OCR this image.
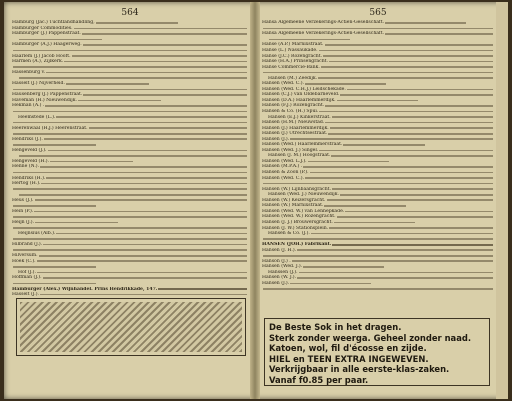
564
Hamburg (Jac.) Tuchtlandhandling,
Hamburger Commodities.
Hamburger (J.) Pappenstraat.
Hamburger (A.J.) Haagerweg.
Haarlem (J.) Jacob Hooft.
Harmen (A.), Zijlkerk.
Hassenburg v.
Hasselt (J.) Nijverheid.
Hausenberg (J.) Pappenstraat.
Haveman (H.) Nieuwendijk.
Hekman (A.) .
Heemstede (L.).
Heerenwaal (H.J.) Heerenstraat.
Hendriks (J.).
Hengeveld (J.).
Hengeveld (H.).
Henne (N.).
Hendriks (H.).
Hertog (H.).
Heus (J.).
Hein (P.).
Heijn (J.).
Heijnsius (Alb.).
Hilbrand (J.).
Hilversum.
Hoek (C.).
Hof (J.).
Hoffman (J.).
Hamburger (Alex.) Wijnhandel. Prins Hendrikkade, 147.
Hasselt (J.).
565
Hansa Algemeene Verzekerings-Actien-Gesellschaft.
Hansa Algemeene Verzekerings-Actien-Gesellschaft.
Hanse (A.P.) Marnixstraat.
Hanse (L.) Nassaukade.
Hanse (J.C.) Rozengracht.
Hanse (H.A.) Prinsengracht.
Hanse Commercie-Bank.
Hansen (M.) Zeedijk.
Hansen (Wed. C.).
Hansen (Wed. C.H.J.) Leidschekade.
Hansen (C.J.) van Oldebarneveld.
Hansen (D.A.) Haarlemmerdijk.
Hansen (F.J.) Rozengracht.
Hansen & Co. (H.) Spui.
Hansen (E.J.) Kinkerstraat.
Hansen (H.M.) Nieuwstad.
Hansen (J.) Haarlemmerdijk.
Hansen (J.) Utrechtsestraat.
Hansen (J.).
Hansen (Wed.) Haarlemmerstraat.
Hansen (Wed. J.) Singel.
Hansen (J. M.) Hoogstraat.
Hansen (Wed. L.J.).
Hansen (M.P.A.) .
Hansen & Zoon (P.).
Hansen (Wed. C.).
Hansen (W.) Lijnbaansgracht.
Hansen (Wed. J.) Nieuwendijk.
Hansen (W.) Keizersgracht.
Hansen (W.) Marnixstraat.
Hansen (Wed. W.) van Lennepkade.
Hansen (Wed. W.) Rozengracht.
Hansen (J. J.) Brouwersgracht.
Hansen (J. W.) Stationsplein.
Hansen & Co. (J.).
HANSEN (JOH.) Fabrikant.
Hansen (J. H.).
Hanson (J.) .
Hansen (Wed. J.).
Hanssen (J.).
Hansen (W. J.).
Hansen (J.).
De Beste Sok in het dragen.
Sterk zonder weerga. Geheel zonder naad.
Katoen, wol, fil d'écosse en zijde.
HIEL en TEEN EXTRA INGEWEVEN.
Verkrijgbaar in alle eerste-klas-zaken.
Vanaf f0.85 per paar.
